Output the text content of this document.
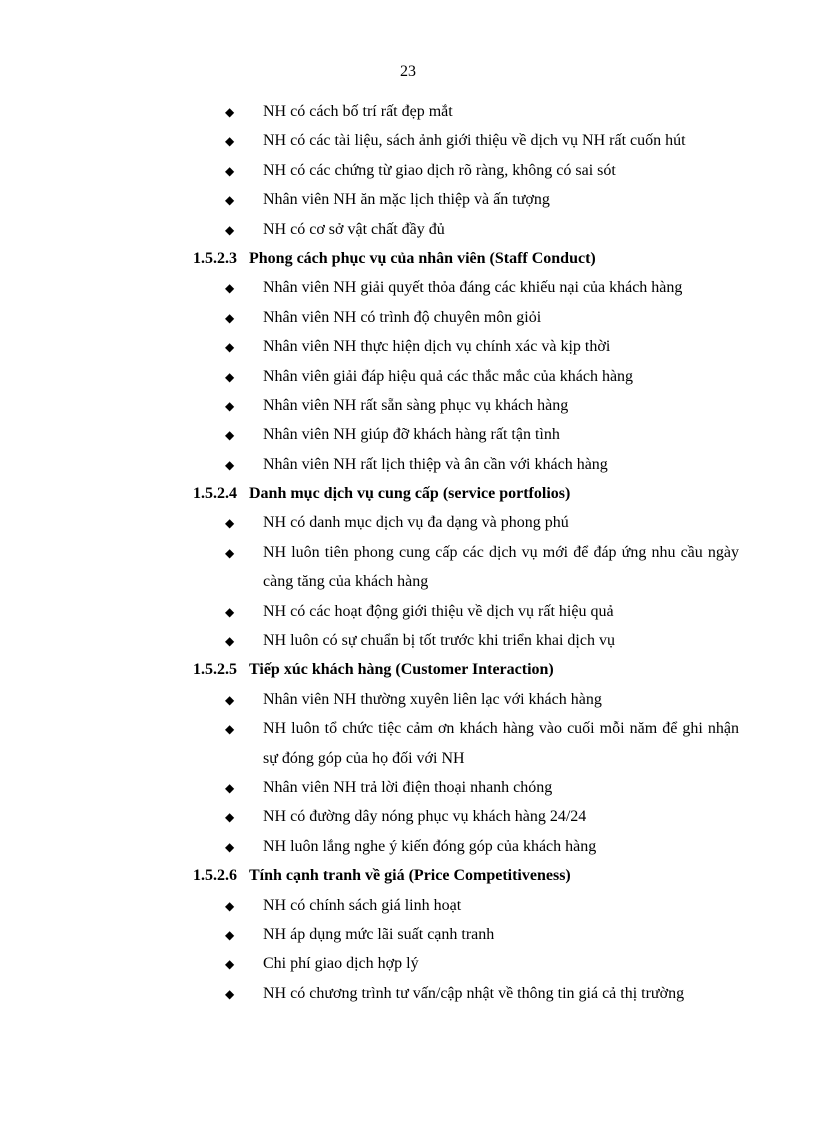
23
◆ NH có cách bố trí rất đẹp mắt
◆ NH có các tài liệu, sách ảnh giới thiệu về dịch vụ NH rất cuốn hút
◆ NH có các chứng từ giao dịch rõ ràng, không có sai sót
◆ Nhân viên NH ăn mặc lịch thiệp và ấn tượng
◆ NH có cơ sở vật chất đầy đủ
1.5.2.3 Phong cách phục vụ của nhân viên (Staff Conduct)
◆ Nhân viên NH giải quyết thỏa đáng các khiếu nại của khách hàng
◆ Nhân viên NH có trình độ chuyên môn giỏi
◆ Nhân viên NH thực hiện dịch vụ chính xác và kịp thời
◆ Nhân viên giải đáp hiệu quả các thắc mắc của khách hàng
◆ Nhân viên NH rất sẵn sàng phục vụ khách hàng
◆ Nhân viên NH giúp đỡ khách hàng rất tận tình
◆ Nhân viên NH rất lịch thiệp và ân cần với khách hàng
1.5.2.4 Danh mục dịch vụ cung cấp (service portfolios)
◆ NH có danh mục dịch vụ đa dạng và phong phú
◆ NH luôn tiên phong cung cấp các dịch vụ mới để đáp ứng nhu cầu ngày càng tăng của khách hàng
◆ NH có các hoạt động giới thiệu về dịch vụ rất hiệu quả
◆ NH luôn có sự chuẩn bị tốt trước khi triển khai dịch vụ
1.5.2.5 Tiếp xúc khách hàng (Customer Interaction)
◆ Nhân viên NH thường xuyên liên lạc với khách hàng
◆ NH luôn tổ chức tiệc cảm ơn khách hàng vào cuối mỗi năm để ghi nhận sự đóng góp của họ đối với NH
◆ Nhân viên NH trả lời điện thoại nhanh chóng
◆ NH có đường dây nóng phục vụ khách hàng 24/24
◆ NH luôn lắng nghe ý kiến đóng góp của khách hàng
1.5.2.6 Tính cạnh tranh về giá (Price Competitiveness)
◆ NH có chính sách giá linh hoạt
◆ NH áp dụng mức lãi suất cạnh tranh
◆ Chi phí giao dịch hợp lý
◆ NH có chương trình tư vấn/cập nhật về thông tin giá cả thị trường
